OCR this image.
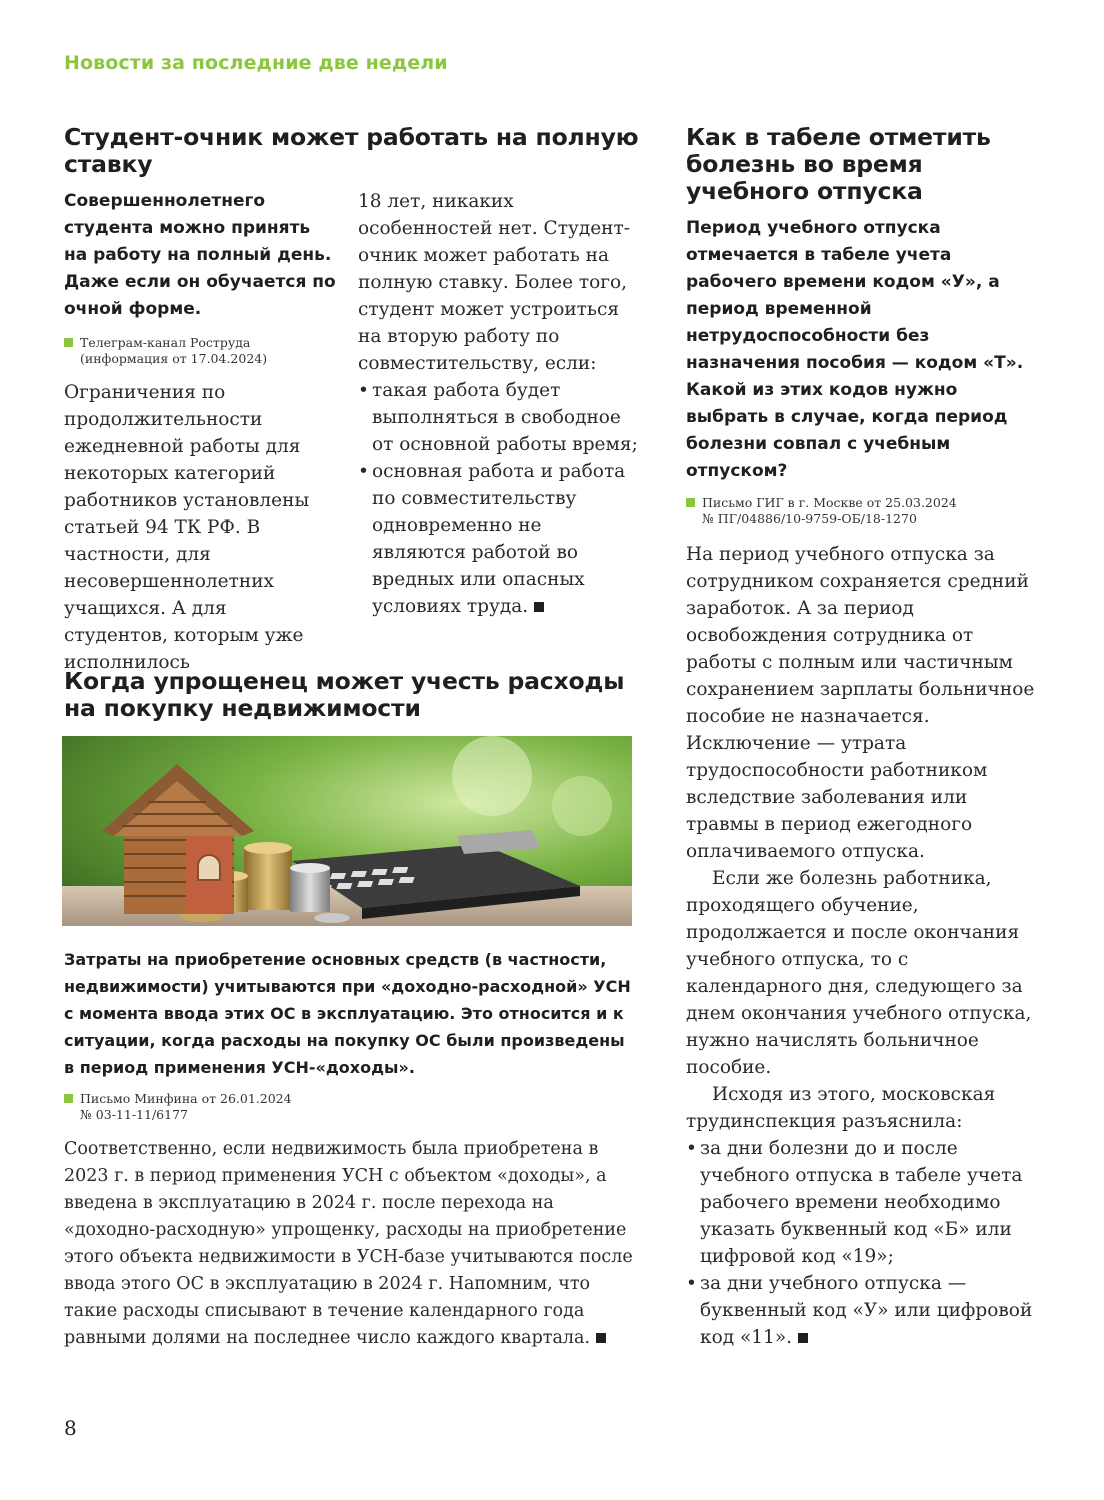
Новости за последние две недели
Студент-очник может работать на полную ставку

Совершеннолетнего студента можно принять на работу на полный день. Даже если он обучается по очной форме.

Телеграм-канал Роструда
(информация от 17.04.2024)

Ограничения по продолжительности ежедневной работы для некоторых категорий работников установлены статьей 94 ТК РФ. В частности, для несовершеннолетних учащихся. А для студентов, которым уже исполнилось

18 лет, никаких особенностей нет. Студент-очник может работать на полную ставку. Более того, студент может устроиться на вторую работу по совместительству, если:

• такая работа будет выполняться в свободное от основной работы время;
• основная работа и работа по совместительству одновременно не являются работой во вредных или опасных условиях труда.
Когда упрощенец может учесть расходы на покупку недвижимости

Затраты на приобретение основных средств (в частности, недвижимости) учитываются при «доходно-расходной» УСН с момента ввода этих ОС в эксплуатацию. Это относится и к ситуации, когда расходы на покупку ОС были произведены в период применения УСН-«доходы».

Письмо Минфина от 26.01.2024
№ 03-11-11/6177

Соответственно, если недвижимость была приобретена в 2023 г. в период применения УСН с объектом «доходы», а введена в эксплуатацию в 2024 г. после перехода на «доходно-расходную» упрощенку, расходы на приобретение этого объекта недвижимости в УСН-базе учитываются после ввода этого ОС в эксплуатацию в 2024 г. Напомним, что такие расходы списывают в течение календарного года равными долями на последнее число каждого квартала.

Как в табеле отметить болезнь во время учебного отпуска

Период учебного отпуска отмечается в табеле учета рабочего времени кодом «У», а период временной нетрудоспособности без назначения пособия — кодом «Т». Какой из этих кодов нужно выбрать в случае, когда период болезни совпал с учебным отпуском?

Письмо ГИГ в г. Москве от 25.03.2024
№ ПГ/04886/10-9759-ОБ/18-1270

На период учебного отпуска за сотрудником сохраняется средний заработок. А за период освобождения сотрудника от работы с полным или частичным сохранением зарплаты больничное пособие не назначается. Исключение — утрата трудоспособности работником вследствие заболевания или травмы в период ежегодного оплачиваемого отпуска.

Если же болезнь работника, проходящего обучение, продолжается и после окончания учебного отпуска, то с календарного дня, следующего за днем окончания учебного отпуска, нужно начислять больничное пособие.

Исходя из этого, московская трудинспекция разъяснила:

• за дни болезни до и после учебного отпуска в табеле учета рабочего времени необходимо указать буквенный код «Б» или цифровой код «19»;
• за дни учебного отпуска — буквенный код «У» или цифровой код «11».
8
